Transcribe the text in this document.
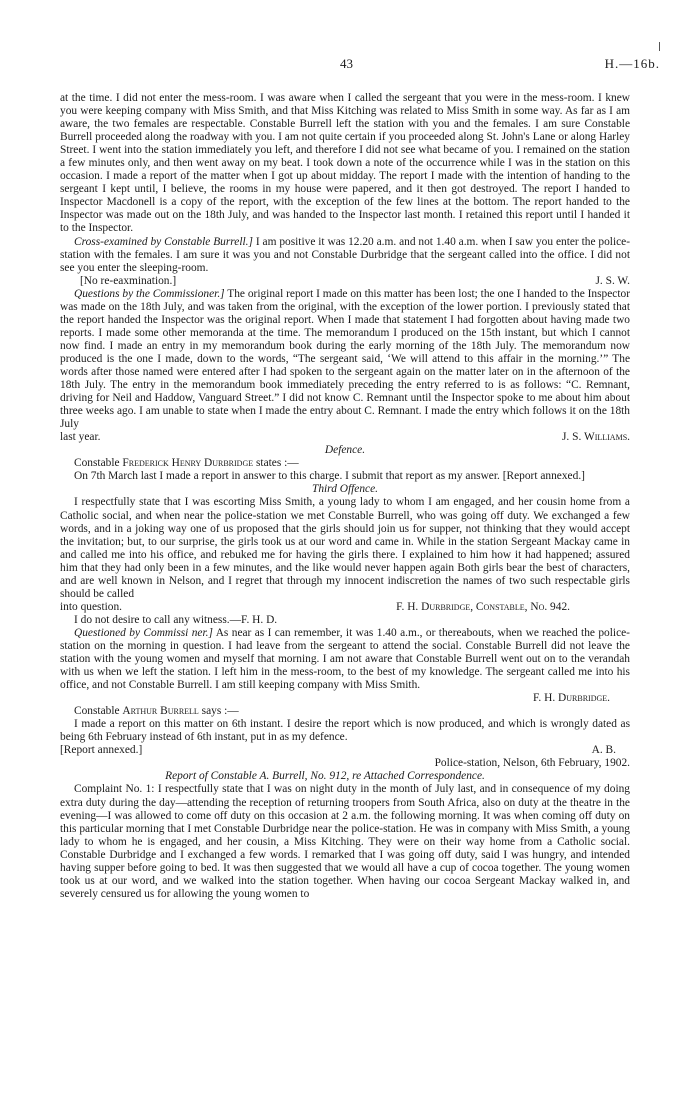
43	H.—16b.

at the time. I did not enter the mess-room. I was aware when I called the sergeant that you were in the mess-room. I knew you were keeping company with Miss Smith, and that Miss Kitching was related to Miss Smith in some way. As far as I am aware, the two females are respectable. Constable Burrell left the station with you and the females. I am sure Constable Burrell proceeded along the roadway with you. I am not quite certain if you proceeded along St. John's Lane or along Harley Street. I went into the station immediately you left, and therefore I did not see what became of you. I remained on the station a few minutes only, and then went away on my beat. I took down a note of the occurrence while I was in the station on this occasion. I made a report of the matter when I got up about midday. The report I made with the intention of handing to the sergeant I kept until, I believe, the rooms in my house were papered, and it then got destroyed. The report I handed to Inspector Macdonell is a copy of the report, with the exception of the few lines at the bottom. The report handed to the Inspector was made out on the 18th July, and was handed to the Inspector last month. I retained this report until I handed it to the Inspector.

Cross-examined by Constable Burrell.] I am positive it was 12.20 a.m. and not 1.40 a.m. when I saw you enter the police-station with the females. I am sure it was you and not Constable Durbridge that the sergeant called into the office. I did not see you enter the sleeping-room.

[No re-eaxmination.]	J. S. W.

Questions by the Commissioner.] The original report I made on this matter has been lost; the one I handed to the Inspector was made on the 18th July, and was taken from the original, with the exception of the lower portion. I previously stated that the report handed the Inspector was the original report. When I made that statement I had forgotten about having made two reports. I made some other memoranda at the time. The memorandum I produced on the 15th instant, but which I cannot now find. I made an entry in my memorandum book during the early morning of the 18th July. The memorandum now produced is the one I made, down to the words, “The sergeant said, ‘We will attend to this affair in the morning.’” The words after those named were entered after I had spoken to the sergeant again on the matter later on in the afternoon of the 18th July. The entry in the memorandum book immediately preceding the entry referred to is as follows: “C. Remnant, driving for Neil and Haddow, Vanguard Street.” I did not know C. Remnant until the Inspector spoke to me about him about three weeks ago. I am unable to state when I made the entry about C. Remnant. I made the entry which follows it on the 18th July

last year.	J. S. Williams.

Defence.

Constable Frederick Henry Durbridge states :—

On 7th March last I made a report in answer to this charge. I submit that report as my answer. [Report annexed.]

Third Offence.

I respectfully state that I was escorting Miss Smith, a young lady to whom I am engaged, and her cousin home from a Catholic social, and when near the police-station we met Constable Burrell, who was going off duty. We exchanged a few words, and in a joking way one of us proposed that the girls should join us for supper, not thinking that they would accept the invitation; but, to our surprise, the girls took us at our word and came in. While in the station Sergeant Mackay came in and called me into his office, and rebuked me for having the girls there. I explained to him how it had happened; assured him that they had only been in a few minutes, and the like would never happen again Both girls bear the best of characters, and are well known in Nelson, and I regret that through my innocent indiscretion the names of two such respectable girls should be called

into question.	F. H. Durbridge, Constable, No. 942.

I do not desire to call any witness.—F. H. D.

Questioned by Commissi ner.] As near as I can remember, it was 1.40 a.m., or thereabouts, when we reached the police-station on the morning in question. I had leave from the sergeant to attend the social. Constable Burrell did not leave the station with the young women and myself that morning. I am not aware that Constable Burrell went out on to the verandah with us when we left the station. I left him in the mess-room, to the best of my knowledge. The sergeant called me into his office, and not Constable Burrell. I am still keeping company with Miss Smith.

F. H. Durbridge.

Constable Arthur Burrell says :—

I made a report on this matter on 6th instant. I desire the report which is now produced, and which is wrongly dated as being 6th February instead of 6th instant, put in as my defence.

[Report annexed.]	A. B.
Police-station, Nelson, 6th February, 1902.

Report of Constable A. Burrell, No. 912, re Attached Correspondence.

Complaint No. 1: I respectfully state that I was on night duty in the month of July last, and in consequence of my doing extra duty during the day—attending the reception of returning troopers from South Africa, also on duty at the theatre in the evening—I was allowed to come off duty on this occasion at 2 a.m. the following morning. It was when coming off duty on this particular morning that I met Constable Durbridge near the police-station. He was in company with Miss Smith, a young lady to whom he is engaged, and her cousin, a Miss Kitching. They were on their way home from a Catholic social. Constable Durbridge and I exchanged a few words. I remarked that I was going off duty, said I was hungry, and intended having supper before going to bed. It was then suggested that we would all have a cup of cocoa together. The young women took us at our word, and we walked into the station together. When having our cocoa Sergeant Mackay walked in, and severely censured us for allowing the young women to
